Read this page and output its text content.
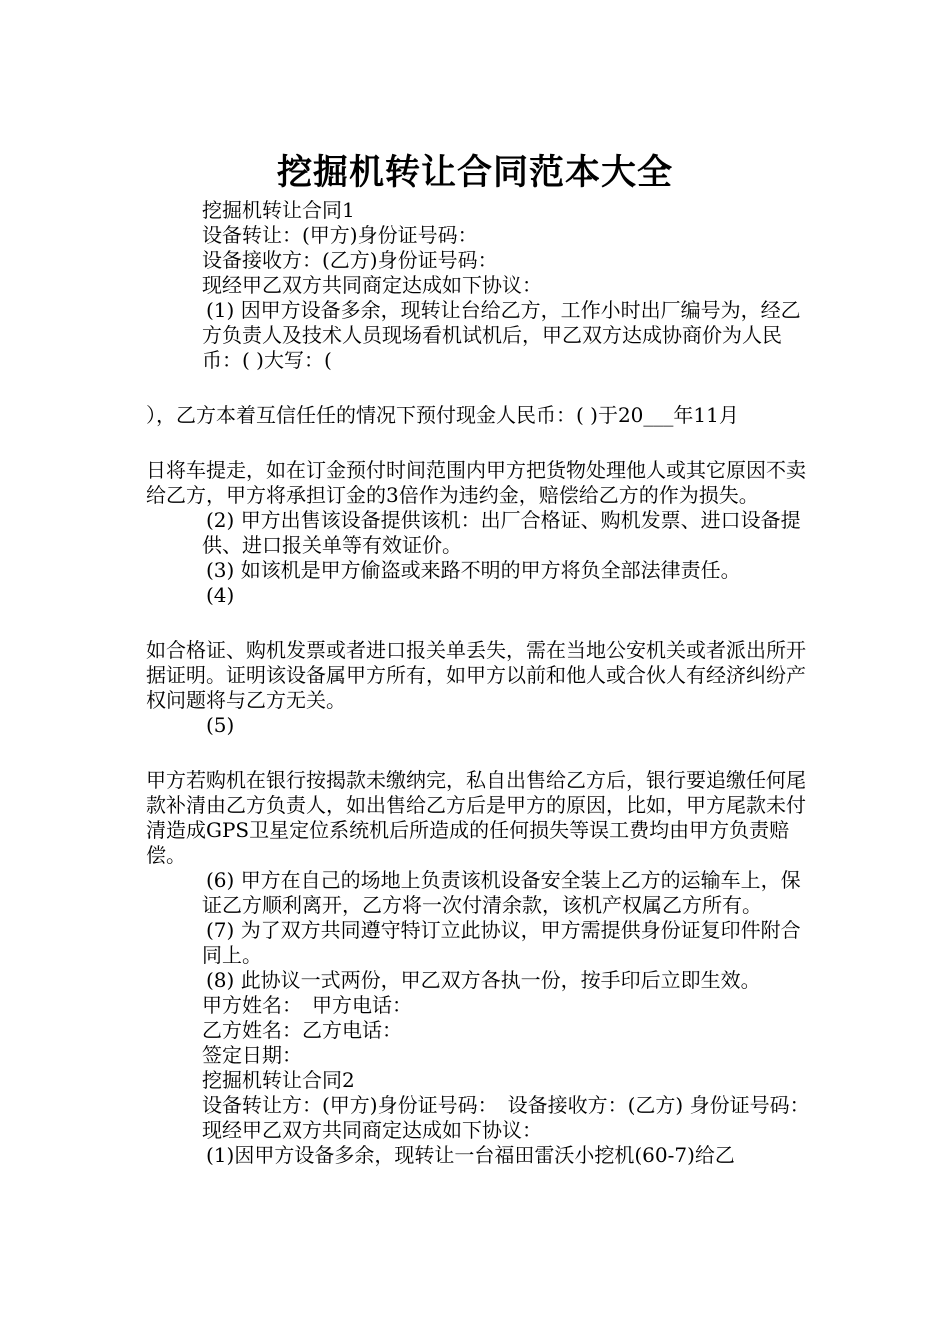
挖掘机转让合同范本大全

挖掘机转让合同1

设备转让：(甲方)身份证号码：

设备接收方：(乙方)身份证号码：

现经甲乙双方共同商定达成如下协议：

(1) 因甲方设备多余，现转让台给乙方，工作小时出厂编号为，经乙方负责人及技术人员现场看机试机后，甲乙双方达成协商价为人民币：( )大写：(

），乙方本着互信任任的情况下预付现金人民币：( )于20___年11月

日将车提走，如在订金预付时间范围内甲方把货物处理他人或其它原因不卖给乙方，甲方将承担订金的3倍作为违约金，赔偿给乙方的作为损失。

(2) 甲方出售该设备提供该机：出厂合格证、购机发票、进口设备提供、进口报关单等有效证价。

(3) 如该机是甲方偷盗或来路不明的甲方将负全部法律责任。

(4)

如合格证、购机发票或者进口报关单丢失，需在当地公安机关或者派出所开据证明。证明该设备属甲方所有，如甲方以前和他人或合伙人有经济纠纷产权问题将与乙方无关。

(5)

甲方若购机在银行按揭款未缴纳完，私自出售给乙方后，银行要追缴任何尾款补清由乙方负责人，如出售给乙方后是甲方的原因，比如，甲方尾款未付清造成GPS卫星定位系统机后所造成的任何损失等误工费均由甲方负责赔偿。

(6) 甲方在自己的场地上负责该机设备安全装上乙方的运输车上，保证乙方顺利离开，乙方将一次付清余款，该机产权属乙方所有。

(7) 为了双方共同遵守特订立此协议，甲方需提供身份证复印件附合同上。

(8) 此协议一式两份，甲乙双方各执一份，按手印后立即生效。

甲方姓名：　甲方电话：

乙方姓名：乙方电话：

签定日期：

挖掘机转让合同2

设备转让方：(甲方)身份证号码：　设备接收方：(乙方) 身份证号码：　现经甲乙双方共同商定达成如下协议：

(1)因甲方设备多余，现转让一台福田雷沃小挖机(60-7)给乙
